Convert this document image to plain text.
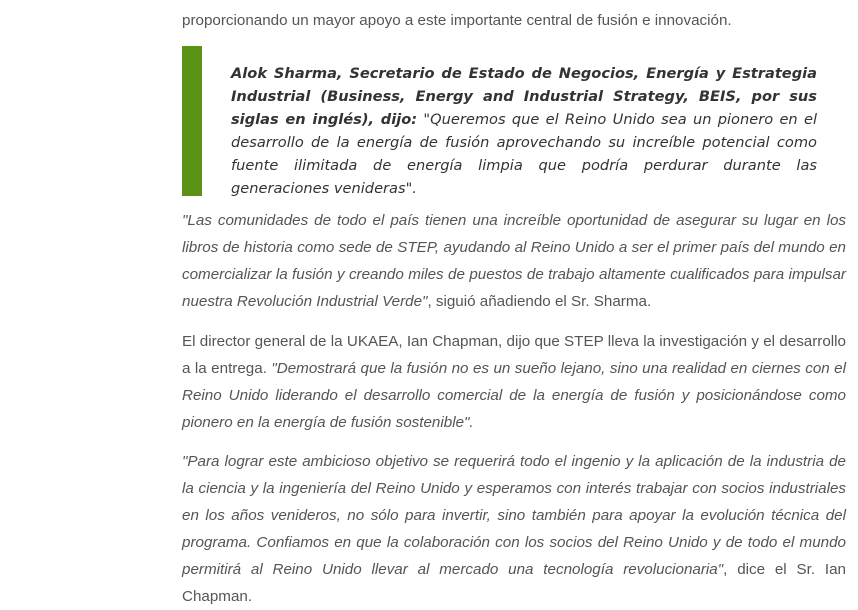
proporcionando un mayor apoyo a este importante central de fusión e innovación.

Alok Sharma, Secretario de Estado de Negocios, Energía y Estrategia Industrial (Business, Energy and Industrial Strategy, BEIS, por sus siglas en inglés), dijo: "Queremos que el Reino Unido sea un pionero en el desarrollo de la energía de fusión aprovechando su increíble potencial como fuente ilimitada de energía limpia que podría perdurar durante las generaciones venideras".

"Las comunidades de todo el país tienen una increíble oportunidad de asegurar su lugar en los libros de historia como sede de STEP, ayudando al Reino Unido a ser el primer país del mundo en comercializar la fusión y creando miles de puestos de trabajo altamente cualificados para impulsar nuestra Revolución Industrial Verde", siguió añadiendo el Sr. Sharma.

El director general de la UKAEA, Ian Chapman, dijo que STEP lleva la investigación y el desarrollo a la entrega. "Demostrará que la fusión no es un sueño lejano, sino una realidad en ciernes con el Reino Unido liderando el desarrollo comercial de la energía de fusión y posicionándose como pionero en la energía de fusión sostenible".

"Para lograr este ambicioso objetivo se requerirá todo el ingenio y la aplicación de la industria de la ciencia y la ingeniería del Reino Unido y esperamos con interés trabajar con socios industriales en los años venideros, no sólo para invertir, sino también para apoyar la evolución técnica del programa. Confiamos en que la colaboración con los socios del Reino Unido y de todo el mundo permitirá al Reino Unido llevar al mercado una tecnología revolucionaria", dice el Sr. Ian Chapman.
